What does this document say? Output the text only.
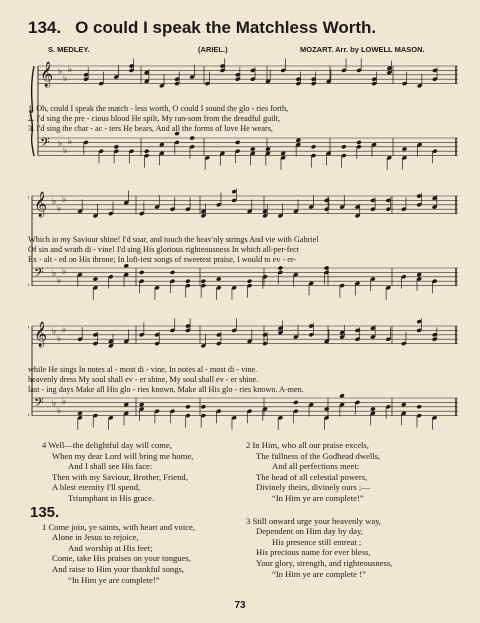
134. O could I speak the Matchless Worth.
S. MEDLEY.	(ARIEL.)	MOZART. Arr. by LOWELL MASON.
𝄞 ♭
♭
♭
𝄢 ♭
♭
♭
1. Oh, could I speak the match - less worth, O could I sound the glo - ries forth,
2. I'd sing the pre - cious blood He spilt, My ran-som from the dreadful guilt,
3. I'd sing the char - ac - ters He bears, And all the forms of love He wears,
𝄞 ♭
♭
♭
𝄢 ♭
♭
♭
Which in my Saviour shine! I'd soar, and touch the heav'nly strings And vie with Gabriel
Of sin and wrath di - vine! I'd sing His glorious righteousness In which all-per-fect
Ex - alt - ed on His throne; In loft-iest songs of sweetest praise, I would to ev - er-
𝄞 ♭
♭
♭
𝄢 ♭
♭
♭
while He sings In notes al - most di - vine, In notes al - most di - vine.
heavenly dress My soul shall ev - er shine, My soul shall ev - er shine.
last - ing days Make all His glo - ries known, Make all His glo - ries known. A-men.
4 Well—the delightful day will come,
When my dear Lord will bring me home,
And I shall see His face:
Then with my Saviour, Brother, Friend,
A blest eternity I'll spend,
Triumphant in His grace.
135.
1 Come join, ye saints, with heart and voice,
Alone in Jesus to rejoice,
And worship at His feet;
Come, take His praises on your tongues,
And raise to Him your thankful songs,
“In Him ye are complete!”
2 In Him, who all our praise excels,
The fullness of the Godhead dwells,
And all perfections meet:
The head of all celestial powers,
Divinely theirs, divinely ours ;—
“In Him ye are complete!”
3 Still onward urge your heavenly way,
Dependent on Him day by day,
His presence still entreat ;
His precious name for ever bless,
Your glory, strength, and righteousness,
“In Him ye are complete !”
73
